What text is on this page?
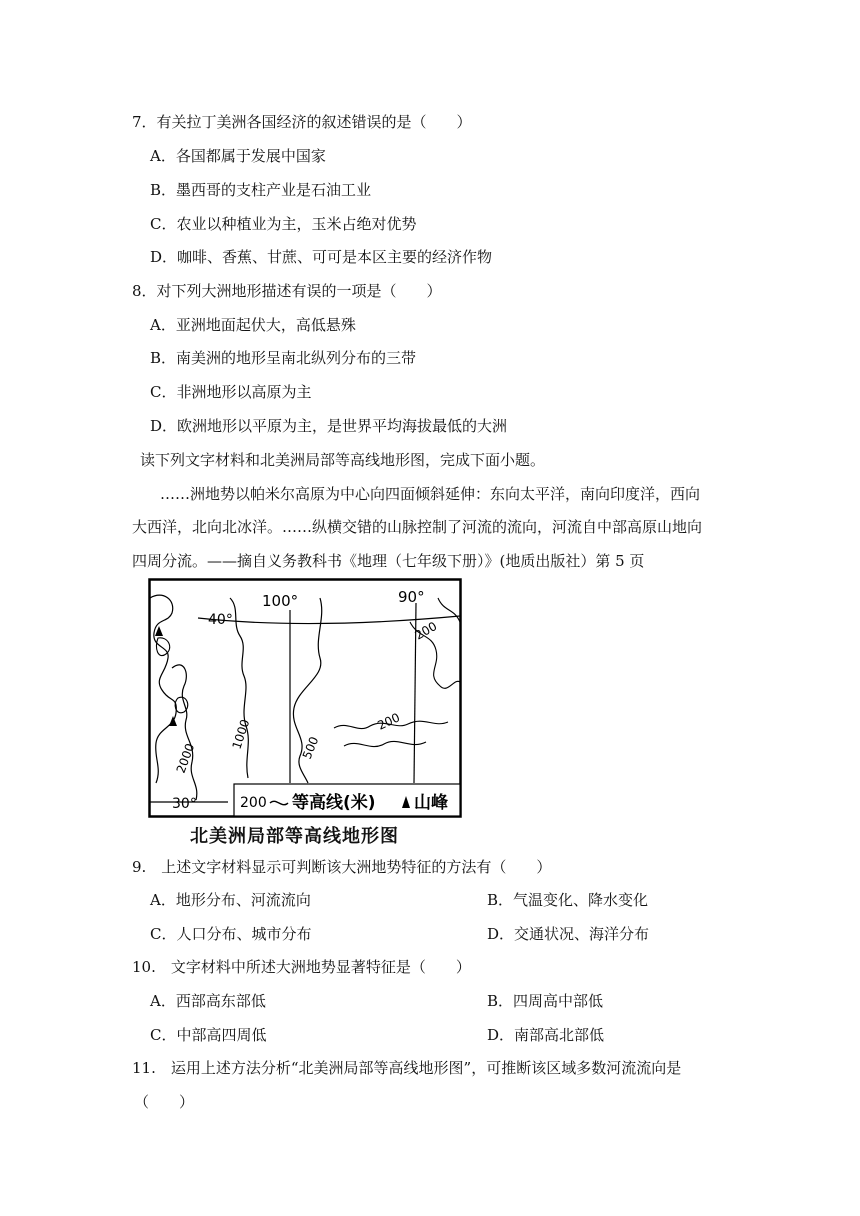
7．有关拉丁美洲各国经济的叙述错误的是（　　）
A．各国都属于发展中国家
B．墨西哥的支柱产业是石油工业
C．农业以种植业为主，玉米占绝对优势
D．咖啡、香蕉、甘蔗、可可是本区主要的经济作物
8．对下列大洲地形描述有误的一项是（　　）
A．亚洲地面起伏大，高低悬殊
B．南美洲的地形呈南北纵列分布的三带
C．非洲地形以高原为主
D．欧洲地形以平原为主，是世界平均海拔最低的大洲
读下列文字材料和北美洲局部等高线地形图，完成下面小题。
……洲地势以帕米尔高原为中心向四面倾斜延伸：东向太平洋，南向印度洋，西向
大西洋，北向北冰洋。……纵横交错的山脉控制了河流的流向，河流自中部高原山地向
四周分流。——摘自义务教科书《地理（七年级下册）》(地质出版社）第 5 页
40°
100°	90°
200
200
1000	500
2000
30°	200 等高线(米) 山峰
北美洲局部等高线地形图
9.　上述文字材料显示可判断该大洲地势特征的方法有（　　）
A．地形分布、河流流向	B．气温变化、降水变化
C．人口分布、城市分布	D．交通状况、海洋分布
10.　文字材料中所述大洲地势显著特征是（　　）
A．西部高东部低	B．四周高中部低
C．中部高四周低	D．南部高北部低
11.　运用上述方法分析“北美洲局部等高线地形图”，可推断该区域多数河流流向是
（　　）
